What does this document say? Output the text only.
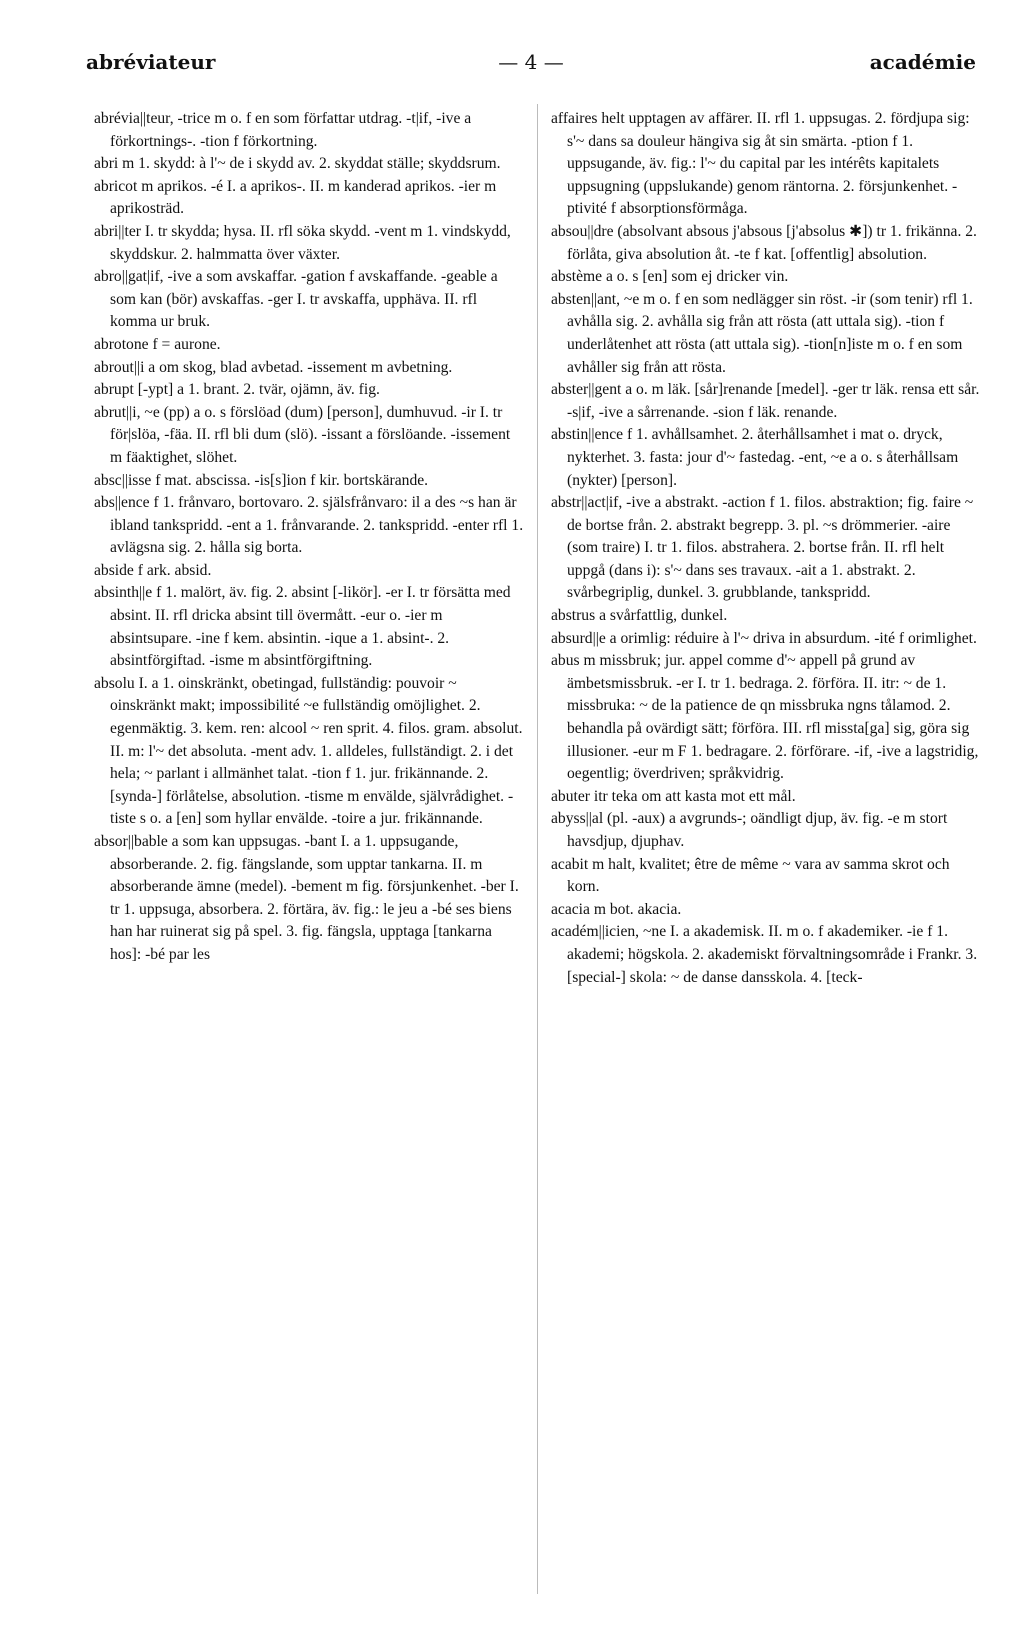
abréviateur	— 4 —	académie

abrévia||teur, -trice m o. f en som författar utdrag. -t|if, -ive a förkortnings-. -tion f förkortning.

abri m 1. skydd: à l'~ de i skydd av. 2. skyddat ställe; skyddsrum.

abricot m aprikos. -é I. a aprikos-. II. m kanderad aprikos. -ier m aprikosträd.

abri||ter I. tr skydda; hysa. II. rfl söka skydd. -vent m 1. vindskydd, skyddskur. 2. halmmatta över växter.

abro||gat|if, -ive a som avskaffar. -gation f avskaffande. -geable a som kan (bör) avskaffas. -ger I. tr avskaffa, upphäva. II. rfl komma ur bruk.

abrotone f = aurone.

abrout||i a om skog, blad avbetad. -issement m avbetning.

abrupt [-ypt] a 1. brant. 2. tvär, ojämn, äv. fig.

abrut||i, ~e (pp) a o. s förslöad (dum) [person], dumhuvud. -ir I. tr för|slöa, -fäa. II. rfl bli dum (slö). -issant a förslöande. -issement m fäaktighet, slöhet.

absc||isse f mat. abscissa. -is[s]ion f kir. bortskärande.

abs||ence f 1. frånvaro, bortovaro. 2. själsfrånvaro: il a des ~s han är ibland tankspridd. -ent a 1. frånvarande. 2. tankspridd. -enter rfl 1. avlägsna sig. 2. hålla sig borta.

abside f ark. absid.

absinth||e f 1. malört, äv. fig. 2. absint [-likör]. -er I. tr försätta med absint. II. rfl dricka absint till övermått. -eur o. -ier m absintsupare. -ine f kem. absintin. -ique a 1. absint-. 2. absintförgiftad. -isme m absintförgiftning.

absolu I. a 1. oinskränkt, obetingad, fullständig: pouvoir ~ oinskränkt makt; impossibilité ~e fullständig omöjlighet. 2. egenmäktig. 3. kem. ren: alcool ~ ren sprit. 4. filos. gram. absolut. II. m: l'~ det absoluta. -ment adv. 1. alldeles, fullständigt. 2. i det hela; ~ parlant i allmänhet talat. -tion f 1. jur. frikännande. 2. [synda-] förlåtelse, absolution. -tisme m envälde, självrådighet. -tiste s o. a [en] som hyllar envälde. -toire a jur. frikännande.

absor||bable a som kan uppsugas. -bant I. a 1. uppsugande, absorberande. 2. fig. fängslande, som upptar tankarna. II. m absorberande ämne (medel). -bement m fig. försjunkenhet. -ber I. tr 1. uppsuga, absorbera. 2. förtära, äv. fig.: le jeu a -bé ses biens han har ruinerat sig på spel. 3. fig. fängsla, upptaga [tankarna hos]: -bé par les

affaires helt upptagen av affärer. II. rfl 1. uppsugas. 2. fördjupa sig: s'~ dans sa douleur hängiva sig åt sin smärta. -ption f 1. uppsugande, äv. fig.: l'~ du capital par les intérêts kapitalets uppsugning (uppslukande) genom räntorna. 2. försjunkenhet. -ptivité f absorptionsförmåga.

absou||dre (absolvant absous j'absous [j'absolus ✱]) tr 1. frikänna. 2. förlåta, giva absolution åt. -te f kat. [offentlig] absolution.

abstème a o. s [en] som ej dricker vin.

absten||ant, ~e m o. f en som nedlägger sin röst. -ir (som tenir) rfl 1. avhålla sig. 2. avhålla sig från att rösta (att uttala sig). -tion f underlåtenhet att rösta (att uttala sig). -tion[n]iste m o. f en som avhåller sig från att rösta.

abster||gent a o. m läk. [sår]renande [medel]. -ger tr läk. rensa ett sår. -s|if, -ive a sårrenande. -sion f läk. renande.

abstin||ence f 1. avhållsamhet. 2. återhållsamhet i mat o. dryck, nykterhet. 3. fasta: jour d'~ fastedag. -ent, ~e a o. s återhållsam (nykter) [person].

abstr||act|if, -ive a abstrakt. -action f 1. filos. abstraktion; fig. faire ~ de bortse från. 2. abstrakt begrepp. 3. pl. ~s drömmerier. -aire (som traire) I. tr 1. filos. abstrahera. 2. bortse från. II. rfl helt uppgå (dans i): s'~ dans ses travaux. -ait a 1. abstrakt. 2. svårbegriplig, dunkel. 3. grubblande, tankspridd.

abstrus a svårfattlig, dunkel.

absurd||e a orimlig: réduire à l'~ driva in absurdum. -ité f orimlighet.

abus m missbruk; jur. appel comme d'~ appell på grund av ämbetsmissbruk. -er I. tr 1. bedraga. 2. förföra. II. itr: ~ de 1. missbruka: ~ de la patience de qn missbruka ngns tålamod. 2. behandla på ovärdigt sätt; förföra. III. rfl missta[ga] sig, göra sig illusioner. -eur m F 1. bedragare. 2. förförare. -if, -ive a lagstridig, oegentlig; överdriven; språkvidrig.

abuter itr teka om att kasta mot ett mål.

abyss||al (pl. -aux) a avgrunds-; oändligt djup, äv. fig. -e m stort havsdjup, djuphav.

acabit m halt, kvalitet; être de même ~ vara av samma skrot och korn.

acacia m bot. akacia.

académ||icien, ~ne I. a akademisk. II. m o. f akademiker. -ie f 1. akademi; högskola. 2. akademiskt förvaltningsområde i Frankr. 3. [special-] skola: ~ de danse dansskola. 4. [teck-
